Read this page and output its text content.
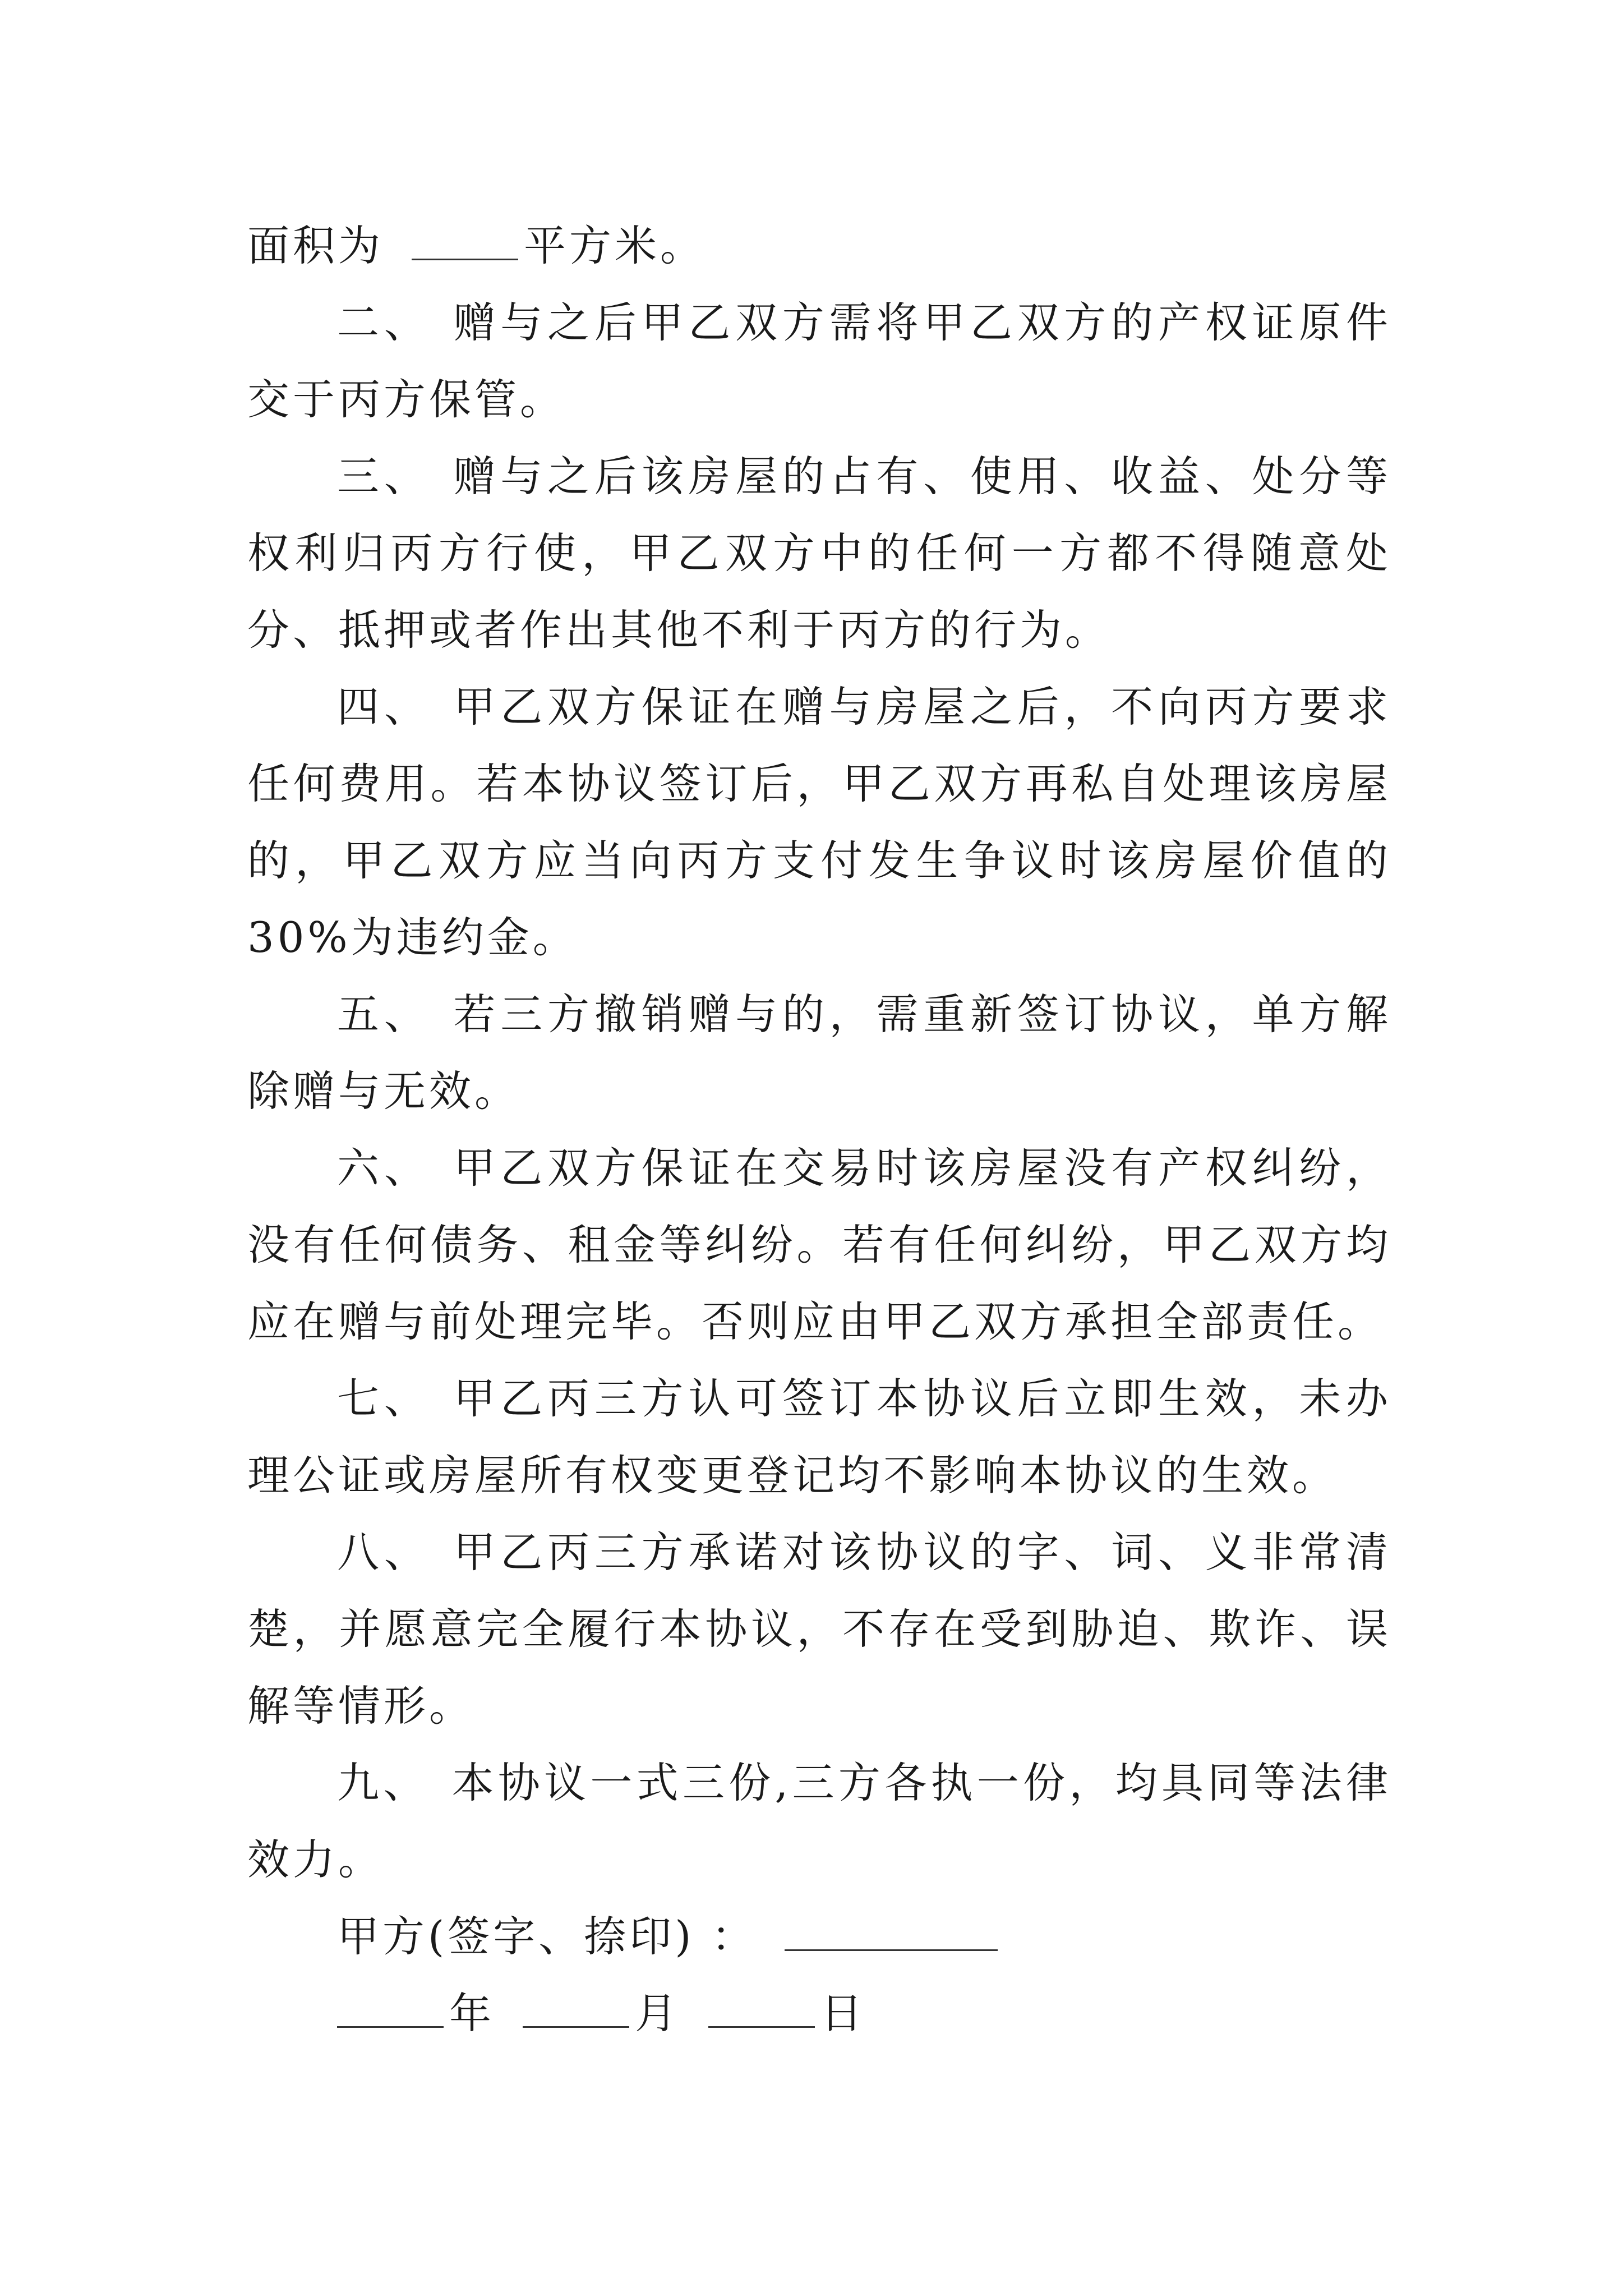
面积为	平方米。

二、 赠与之后甲乙双方需将甲乙双方的产权证原件交于丙方保管。

三、 赠与之后该房屋的占有、使用、收益、处分等权利归丙方行使，甲乙双方中的任何一方都不得随意处分、抵押或者作出其他不利于丙方的行为。

四、 甲乙双方保证在赠与房屋之后，不向丙方要求任何费用。若本协议签订后，甲乙双方再私自处理该房屋的，甲乙双方应当向丙方支付发生争议时该房屋价值的30%为违约金。

五、 若三方撤销赠与的，需重新签订协议，单方解除赠与无效。

六、 甲乙双方保证在交易时该房屋没有产权纠纷，没有任何债务、租金等纠纷。若有任何纠纷，甲乙双方均应在赠与前处理完毕。否则应由甲乙双方承担全部责任。

七、 甲乙丙三方认可签订本协议后立即生效，未办理公证或房屋所有权变更登记均不影响本协议的生效。

八、 甲乙丙三方承诺对该协议的字、词、义非常清楚，并愿意完全履行本协议，不存在受到胁迫、欺诈、误解等情形。

九、 本协议一式三份,三方各执一份，均具同等法律效力。

甲方(签字、捺印) ：

年	月	日
